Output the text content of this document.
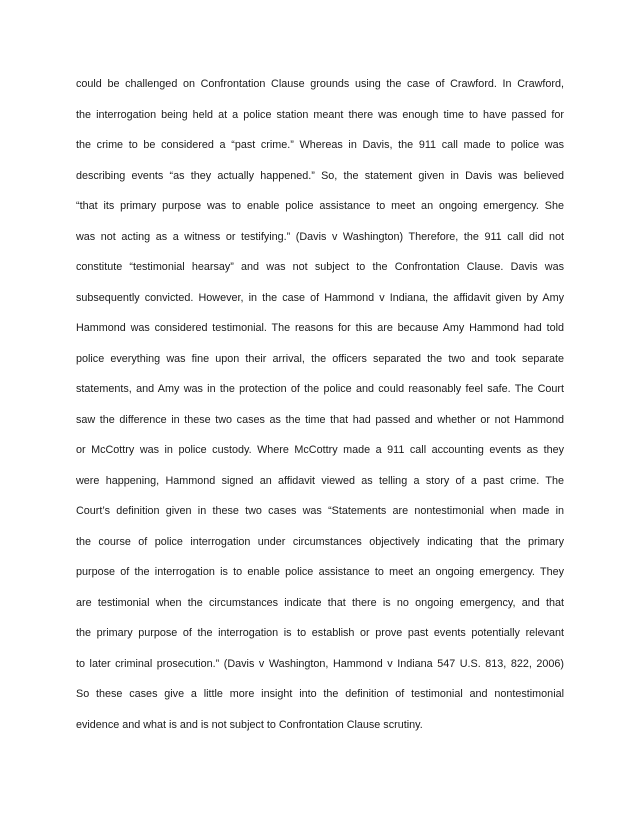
could be challenged on Confrontation Clause grounds using the case of Crawford. In Crawford,
the interrogation being held at a police station meant there was enough time to have passed for
the crime to be considered a “past crime.” Whereas in Davis, the 911 call made to police was
describing events “as they actually happened.” So, the statement given in Davis was believed
“that its primary purpose was to enable police assistance to meet an ongoing emergency. She
was not acting as a witness or testifying.” (Davis v Washington) Therefore, the 911 call did not
constitute “testimonial hearsay” and was not subject to the Confrontation Clause. Davis was
subsequently convicted. However, in the case of Hammond v Indiana, the affidavit given by Amy
Hammond was considered testimonial. The reasons for this are because Amy Hammond had told
police everything was fine upon their arrival, the officers separated the two and took separate
statements, and Amy was in the protection of the police and could reasonably feel safe. The Court
saw the difference in these two cases as the time that had passed and whether or not Hammond
or McCottry was in police custody. Where McCottry made a 911 call accounting events as they
were happening, Hammond signed an affidavit viewed as telling a story of a past crime. The
Court’s definition given in these two cases was “Statements are nontestimonial when made in
the course of police interrogation under circumstances objectively indicating that the primary
purpose of the interrogation is to enable police assistance to meet an ongoing emergency. They
are testimonial when the circumstances indicate that there is no ongoing emergency, and that
the primary purpose of the interrogation is to establish or prove past events potentially relevant
to later criminal prosecution.” (Davis v Washington, Hammond v Indiana 547 U.S. 813, 822, 2006)
So these cases give a little more insight into the definition of testimonial and nontestimonial
evidence and what is and is not subject to Confrontation Clause scrutiny.
